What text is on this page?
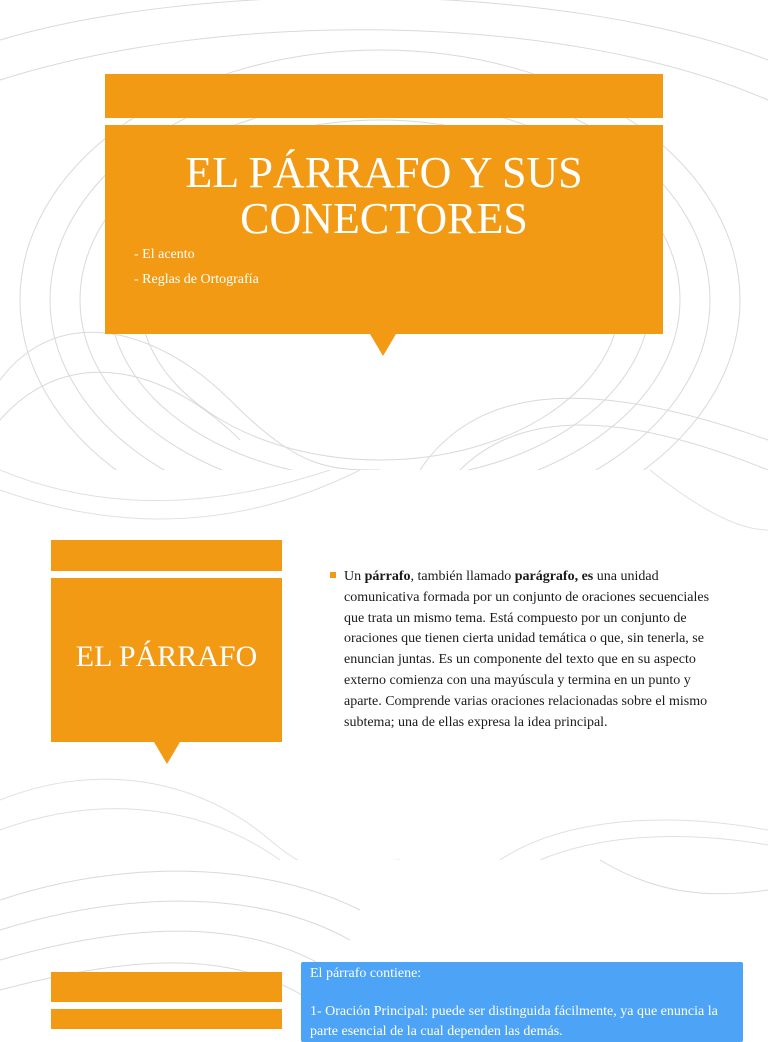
EL PÁRRAFO Y SUS
CONECTORES
- El acento
- Reglas de Ortografía
EL PÁRRAFO
Un párrafo, también llamado parágrafo, es una unidad comunicativa formada por un conjunto de oraciones secuenciales que trata un mismo tema. Está compuesto por un conjunto de oraciones que tienen cierta unidad temática o que, sin tenerla, se enuncian juntas. Es un componente del texto que en su aspecto externo comienza con una mayúscula y termina en un punto y aparte. Comprende varias oraciones relacionadas sobre el mismo subtema; una de ellas expresa la idea principal.
El párrafo contiene:
1- Oración Principal: puede ser distinguida fácilmente, ya que enuncia la parte esencial de la cual dependen las demás.
